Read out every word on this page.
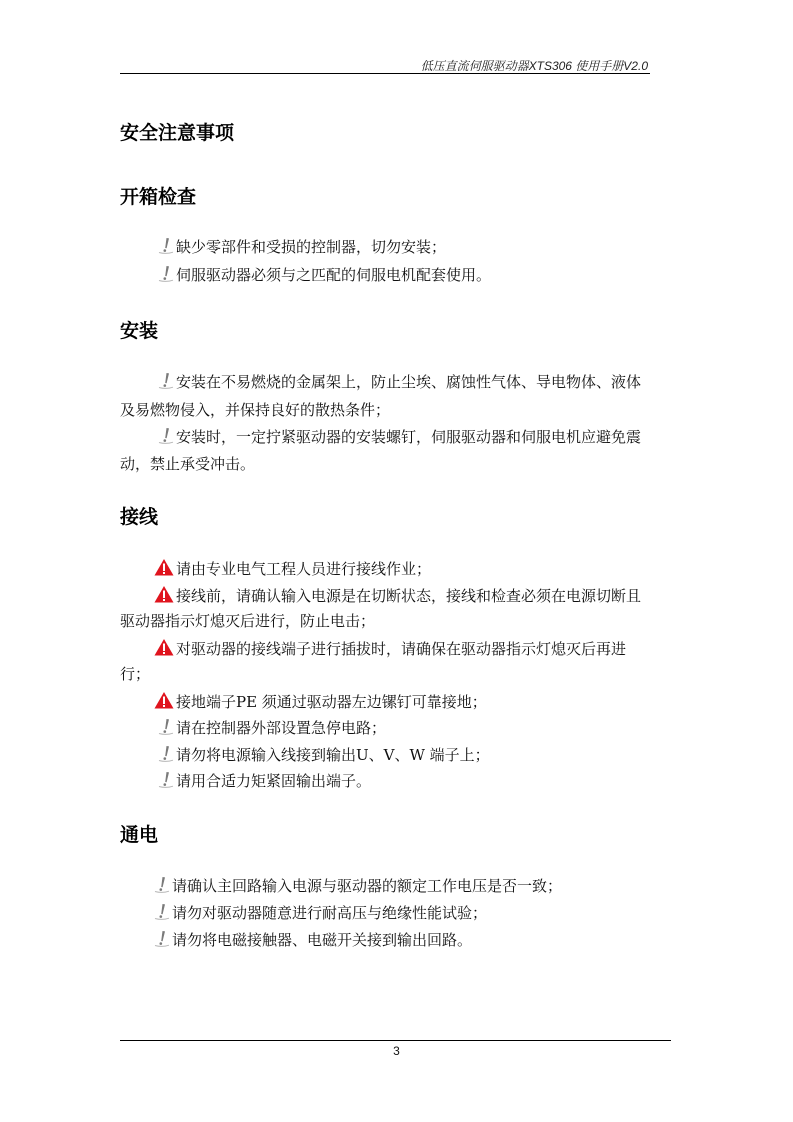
低压直流伺服驱动器XTS306 使用手册V2.0
安全注意事项
开箱检查
缺少零部件和受损的控制器，切勿安装；
伺服驱动器必须与之匹配的伺服电机配套使用。
安装
安装在不易燃烧的金属架上，防止尘埃、腐蚀性气体、导电物体、液体
及易燃物侵入，并保持良好的散热条件；
安装时，一定拧紧驱动器的安装螺钉，伺服驱动器和伺服电机应避免震
动，禁止承受冲击。
接线
请由专业电气工程人员进行接线作业；
接线前，请确认输入电源是在切断状态，接线和检查必须在电源切断且
驱动器指示灯熄灭后进行，防止电击；
对驱动器的接线端子进行插拔时，请确保在驱动器指示灯熄灭后再进
行；
接地端子PE 须通过驱动器左边镙钉可靠接地；
请在控制器外部设置急停电路；
请勿将电源输入线接到输出U、V、W 端子上；
请用合适力矩紧固输出端子。
通电
请确认主回路输入电源与驱动器的额定工作电压是否一致；
请勿对驱动器随意进行耐高压与绝缘性能试验；
请勿将电磁接触器、电磁开关接到输出回路。
3
